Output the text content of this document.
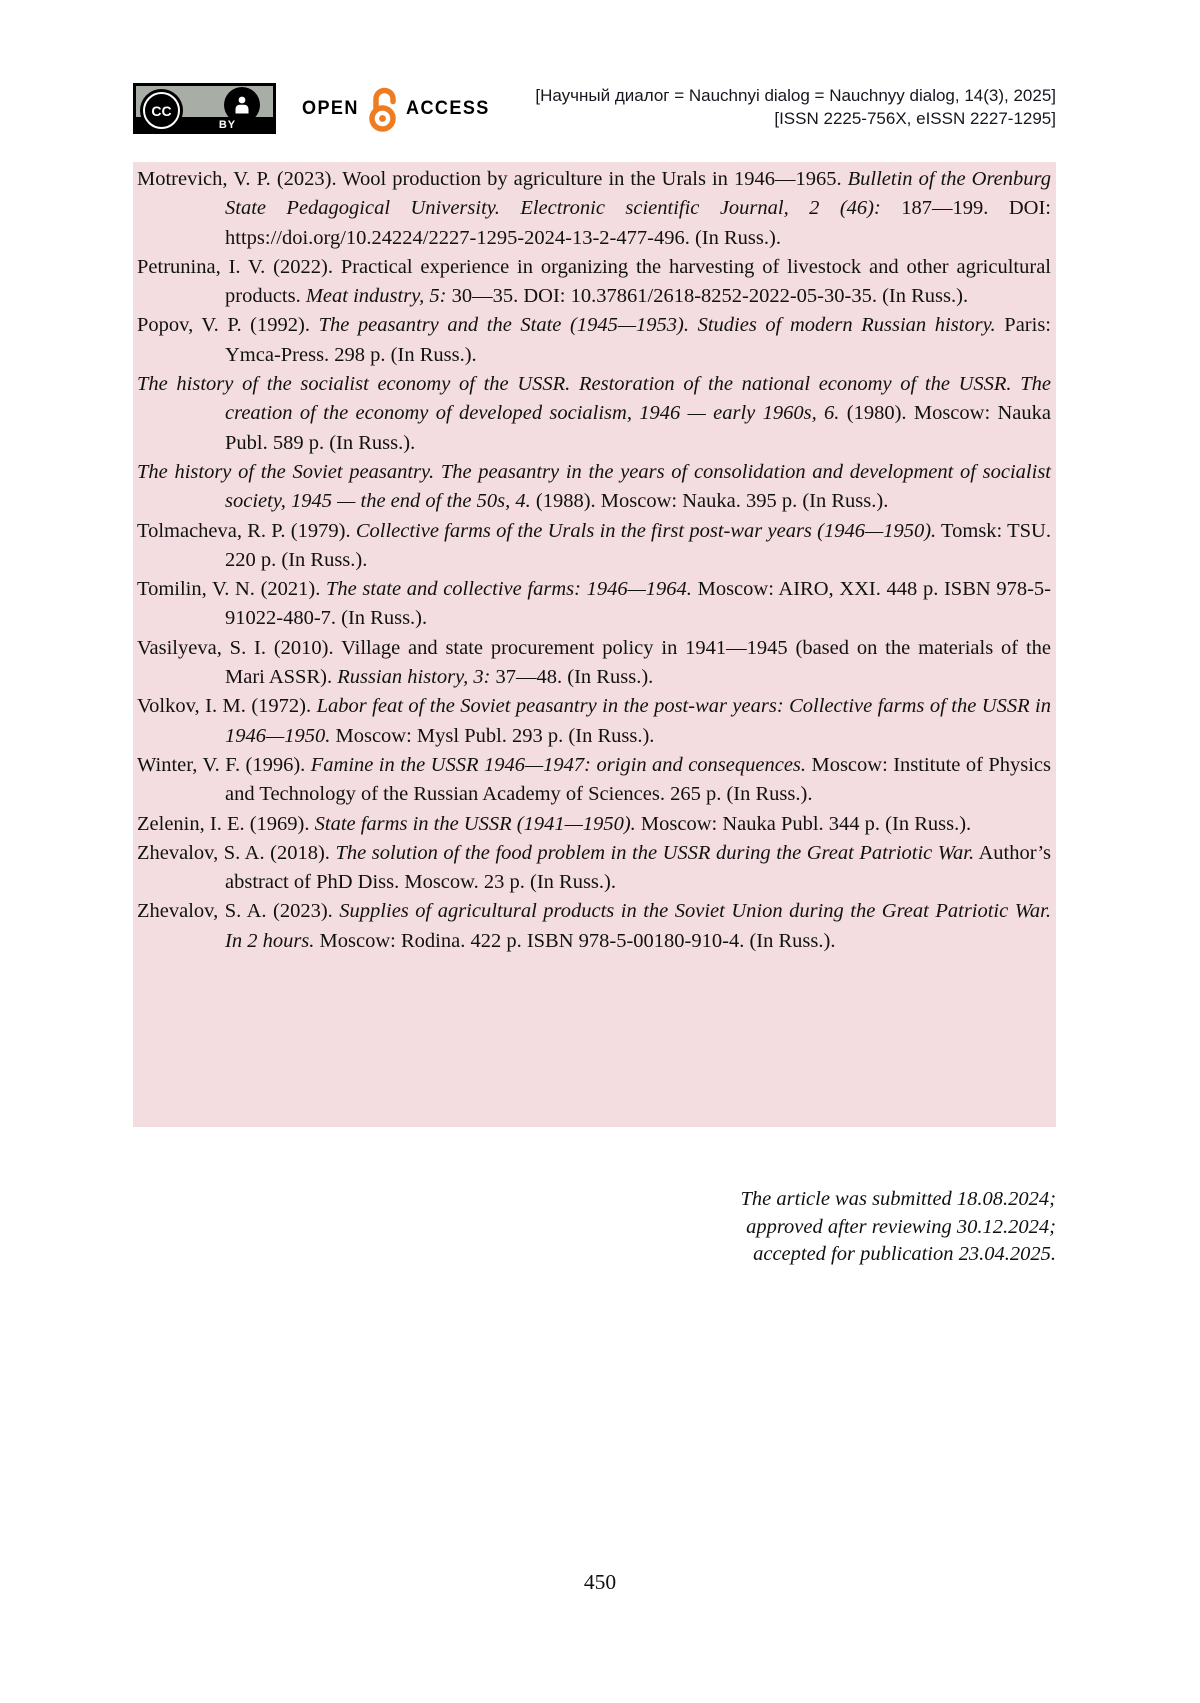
CC
BY
OPEN ACCESS
[Научный диалог = Nauchnyi dialog = Nauchnyy dialog, 14(3), 2025]
[ISSN 2225-756X, eISSN 2227-1295]

Motrevich, V. P. (2023). Wool production by agriculture in the Urals in 1946—1965. Bulletin of the Orenburg State Pedagogical University. Electronic scientific Journal, 2 (46): 187—199. DOI: https://doi.org/10.24224/2227-1295-2024-13-2-477-496. (In Russ.).

Petrunina, I. V. (2022). Practical experience in organizing the harvesting of livestock and other agricultural products. Meat industry, 5: 30—35. DOI: 10.37861/2618-8252-2022-05-30-35. (In Russ.).

Popov, V. P. (1992). The peasantry and the State (1945—1953). Studies of modern Russian history. Paris: Ymca-Press. 298 p. (In Russ.).

The history of the socialist economy of the USSR. Restoration of the national economy of the USSR. The creation of the economy of developed socialism, 1946 — early 1960s, 6. (1980). Moscow: Nauka Publ. 589 p. (In Russ.).

The history of the Soviet peasantry. The peasantry in the years of consolidation and development of socialist society, 1945 — the end of the 50s, 4. (1988). Moscow: Nauka. 395 p. (In Russ.).

Tolmacheva, R. P. (1979). Collective farms of the Urals in the first post-war years (1946—1950). Tomsk: TSU. 220 p. (In Russ.).

Tomilin, V. N. (2021). The state and collective farms: 1946—1964. Moscow: AIRO, XXI. 448 p. ISBN 978-5-91022-480-7. (In Russ.).

Vasilyeva, S. I. (2010). Village and state procurement policy in 1941—1945 (based on the materials of the Mari ASSR). Russian history, 3: 37—48. (In Russ.).

Volkov, I. M. (1972). Labor feat of the Soviet peasantry in the post-war years: Collective farms of the USSR in 1946—1950. Moscow: Mysl Publ. 293 p. (In Russ.).

Winter, V. F. (1996). Famine in the USSR 1946—1947: origin and consequences. Moscow: Institute of Physics and Technology of the Russian Academy of Sciences. 265 p. (In Russ.).

Zelenin, I. E. (1969). State farms in the USSR (1941—1950). Moscow: Nauka Publ. 344 p. (In Russ.).

Zhevalov, S. A. (2018). The solution of the food problem in the USSR during the Great Patriotic War. Author’s abstract of PhD Diss. Moscow. 23 p. (In Russ.).

Zhevalov, S. A. (2023). Supplies of agricultural products in the Soviet Union during the Great Patriotic War. In 2 hours. Moscow: Rodina. 422 p. ISBN 978-5-00180-910-4. (In Russ.).

The article was submitted 18.08.2024;
approved after reviewing 30.12.2024;
accepted for publication 23.04.2025.
450
